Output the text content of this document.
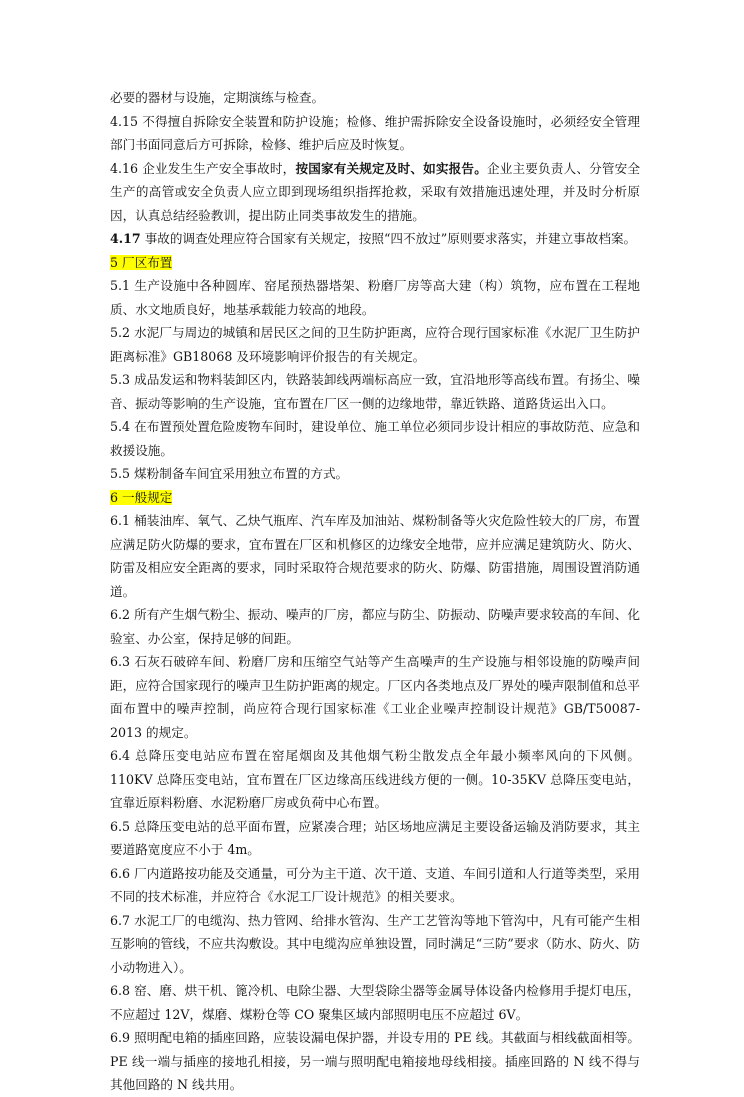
必要的器材与设施，定期演练与检查。

4.15 不得擅自拆除安全装置和防护设施；检修、维护需拆除安全设备设施时，必须经安全管理部门书面同意后方可拆除，检修、维护后应及时恢复。

4.16 企业发生生产安全事故时，按国家有关规定及时、如实报告。企业主要负责人、分管安全生产的高管或安全负责人应立即到现场组织指挥抢救，采取有效措施迅速处理，并及时分析原因，认真总结经验教训，提出防止同类事故发生的措施。

4.17 事故的调查处理应符合国家有关规定，按照“四不放过”原则要求落实，并建立事故档案。

5 厂区布置

5.1 生产设施中各种圆库、窑尾预热器塔架、粉磨厂房等高大建（构）筑物，应布置在工程地质、水文地质良好，地基承载能力较高的地段。

5.2 水泥厂与周边的城镇和居民区之间的卫生防护距离，应符合现行国家标准《水泥厂卫生防护距离标准》GB18068 及环境影响评价报告的有关规定。

5.3 成品发运和物料装卸区内，铁路装卸线两端标高应一致，宜沿地形等高线布置。有扬尘、噪音、振动等影响的生产设施，宜布置在厂区一侧的边缘地带，靠近铁路、道路货运出入口。

5.4 在布置预处置危险废物车间时，建设单位、施工单位必须同步设计相应的事故防范、应急和救援设施。

5.5 煤粉制备车间宜采用独立布置的方式。

6 一般规定

6.1 桶装油库、氧气、乙炔气瓶库、汽车库及加油站、煤粉制备等火灾危险性较大的厂房，布置应满足防火防爆的要求，宜布置在厂区和机修区的边缘安全地带，应并应满足建筑防火、防火、防雷及相应安全距离的要求，同时采取符合规范要求的防火、防爆、防雷措施，周围设置消防通道。

6.2 所有产生烟气粉尘、振动、噪声的厂房，都应与防尘、防振动、防噪声要求较高的车间、化验室、办公室，保持足够的间距。

6.3 石灰石破碎车间、粉磨厂房和压缩空气站等产生高噪声的生产设施与相邻设施的防噪声间距，应符合国家现行的噪声卫生防护距离的规定。厂区内各类地点及厂界处的噪声限制值和总平面布置中的噪声控制，尚应符合现行国家标准《工业企业噪声控制设计规范》GB/T50087-2013 的规定。

6.4 总降压变电站应布置在窑尾烟囱及其他烟气粉尘散发点全年最小频率风向的下风侧。110KV 总降压变电站，宜布置在厂区边缘高压线进线方便的一侧。10-35KV 总降压变电站，宜靠近原料粉磨、水泥粉磨厂房或负荷中心布置。

6.5 总降压变电站的总平面布置，应紧凑合理；站区场地应满足主要设备运输及消防要求，其主要道路宽度应不小于 4m。

6.6 厂内道路按功能及交通量，可分为主干道、次干道、支道、车间引道和人行道等类型，采用不同的技术标准，并应符合《水泥工厂设计规范》的相关要求。

6.7 水泥工厂的电缆沟、热力管网、给排水管沟、生产工艺管沟等地下管沟中，凡有可能产生相互影响的管线，不应共沟敷设。其中电缆沟应单独设置，同时满足“三防”要求（防水、防火、防小动物进入）。

6.8 窑、磨、烘干机、篦冷机、电除尘器、大型袋除尘器等金属导体设备内检修用手提灯电压，不应超过 12V，煤磨、煤粉仓等 CO 聚集区域内部照明电压不应超过 6V。

6.9 照明配电箱的插座回路，应装设漏电保护器，并设专用的 PE 线。其截面与相线截面相等。PE 线一端与插座的接地孔相接，另一端与照明配电箱接地母线相接。插座回路的 N 线不得与其他回路的 N 线共用。
